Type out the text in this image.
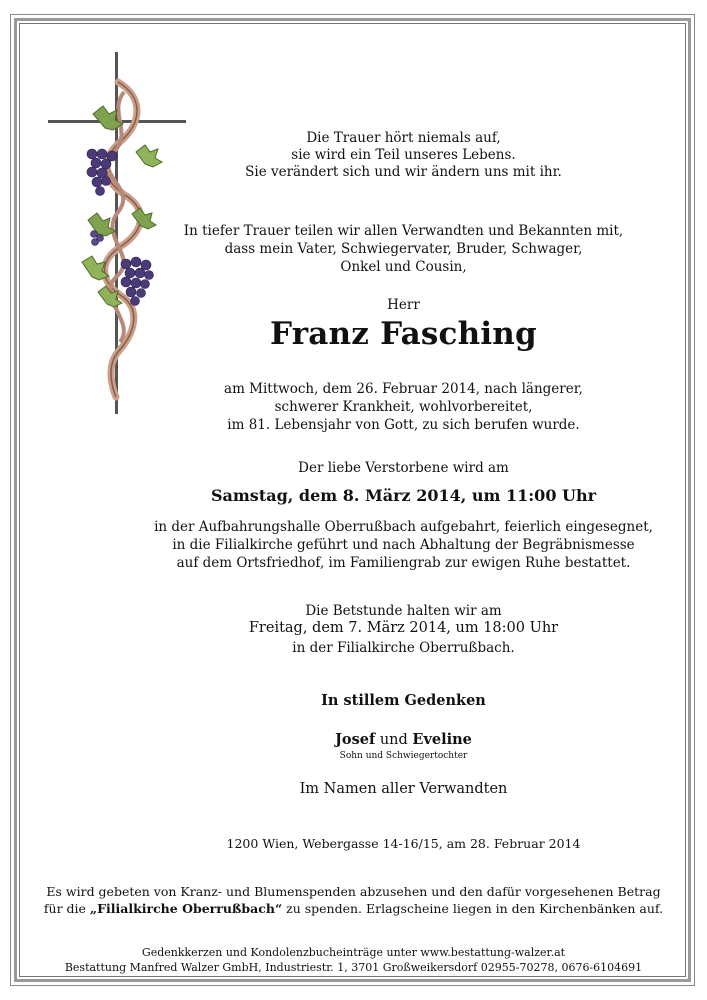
Die Trauer hört niemals auf,
sie wird ein Teil unseres Lebens.
Sie verändert sich und wir ändern uns mit ihr.
In tiefer Trauer teilen wir allen Verwandten und Bekannten mit,
dass mein Vater, Schwiegervater, Bruder, Schwager,
Onkel und Cousin,
Herr
Franz Fasching
am Mittwoch, dem 26. Februar 2014, nach längerer,
schwerer Krankheit, wohlvorbereitet,
im 81. Lebensjahr von Gott, zu sich berufen wurde.
Der liebe Verstorbene wird am
Samstag, dem 8. März 2014, um 11:00 Uhr
in der Aufbahrungshalle Oberrußbach aufgebahrt, feierlich eingesegnet,
in die Filialkirche geführt und nach Abhaltung der Begräbnismesse
auf dem Ortsfriedhof, im Familiengrab zur ewigen Ruhe bestattet.
Die Betstunde halten wir am
Freitag, dem 7. März 2014, um 18:00 Uhr
in der Filialkirche Oberrußbach.
In stillem Gedenken
Josef und Eveline
Sohn und Schwiegertochter
Im Namen aller Verwandten
1200 Wien, Webergasse 14-16/15, am 28. Februar 2014
Es wird gebeten von Kranz- und Blumenspenden abzusehen und den dafür vorgesehenen Betrag
für die „Filialkirche Oberrußbach“ zu spenden. Erlagscheine liegen in den Kirchenbänken auf.
Gedenkkerzen und Kondolenzbucheinträge unter www.bestattung-walzer.at
Bestattung Manfred Walzer GmbH, Industriestr. 1, 3701 Großweikersdorf 02955-70278, 0676-6104691
